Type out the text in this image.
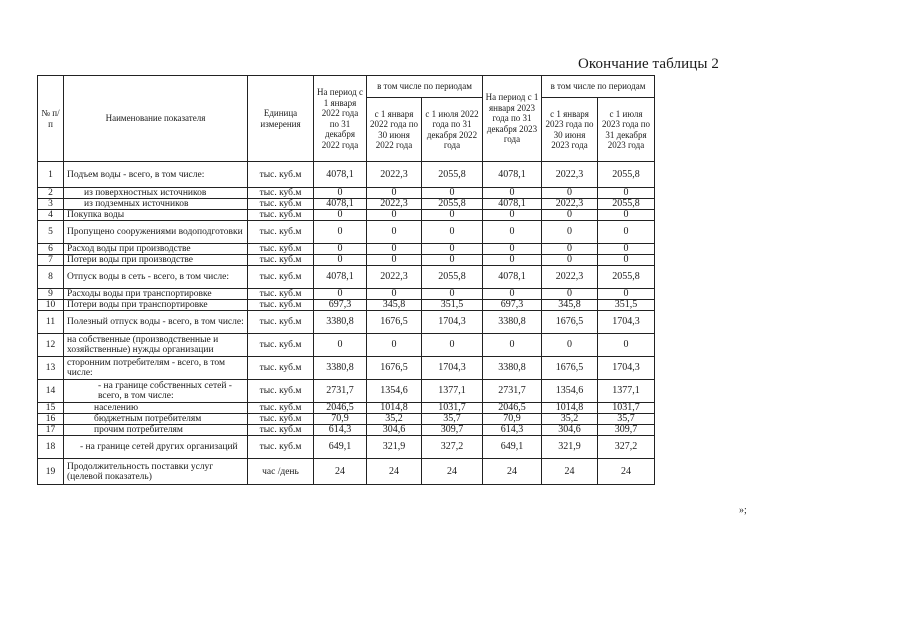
Окончание таблицы 2
№ п/п	Наименование показателя	Единица измерения	На период с 1 января 2022 года по 31 декабря 2022 года	в том числе по периодам		На период с 1 января 2023 года по 31 декабря 2023 года	в том числе по периодам	
				с 1 января 2022 года по 30 июня 2022 года	с 1 июля 2022 года по 31 декабря 2022 года		с 1 января 2023 года по 30 июня 2023 года	с 1 июля 2023 года по 31 декабря 2023 года
1	Подъем воды - всего, в том числе:	тыс. куб.м	4078,1	2022,3	2055,8	4078,1	2022,3	2055,8
2	из поверхностных источников	тыс. куб.м	0	0	0	0	0	0
3	из подземных источников	тыс. куб.м	4078,1	2022,3	2055,8	4078,1	2022,3	2055,8
4	Покупка воды	тыс. куб.м	0	0	0	0	0	0
5	Пропущено сооружениями водоподготовки	тыс. куб.м	0	0	0	0	0	0
6	Расход воды при производстве	тыс. куб.м	0	0	0	0	0	0
7	Потери воды при производстве	тыс. куб.м	0	0	0	0	0	0
8	Отпуск воды в сеть - всего, в том числе:	тыс. куб.м	4078,1	2022,3	2055,8	4078,1	2022,3	2055,8
9	Расходы воды при транспортировке	тыс. куб.м	0	0	0	0	0	0
10	Потери воды при транспортировке	тыс. куб.м	697,3	345,8	351,5	697,3	345,8	351,5
11	Полезный отпуск воды - всего, в том числе:	тыс. куб.м	3380,8	1676,5	1704,3	3380,8	1676,5	1704,3
12	на собственные (производственные и хозяйственные) нужды организации	тыс. куб.м	0	0	0	0	0	0
13	сторонним потребителям - всего, в том числе:	тыс. куб.м	3380,8	1676,5	1704,3	3380,8	1676,5	1704,3
14	- на границе собственных сетей - всего, в том числе:	тыс. куб.м	2731,7	1354,6	1377,1	2731,7	1354,6	1377,1
15	населению	тыс. куб.м	2046,5	1014,8	1031,7	2046,5	1014,8	1031,7
16	бюджетным потребителям	тыс. куб.м	70,9	35,2	35,7	70,9	35,2	35,7
17	прочим потребителям	тыс. куб.м	614,3	304,6	309,7	614,3	304,6	309,7
18	- на границе сетей других организаций	тыс. куб.м	649,1	321,9	327,2	649,1	321,9	327,2
19	Продолжительность поставки услуг (целевой показатель)	час /день	24	24	24	24	24	24
»;
